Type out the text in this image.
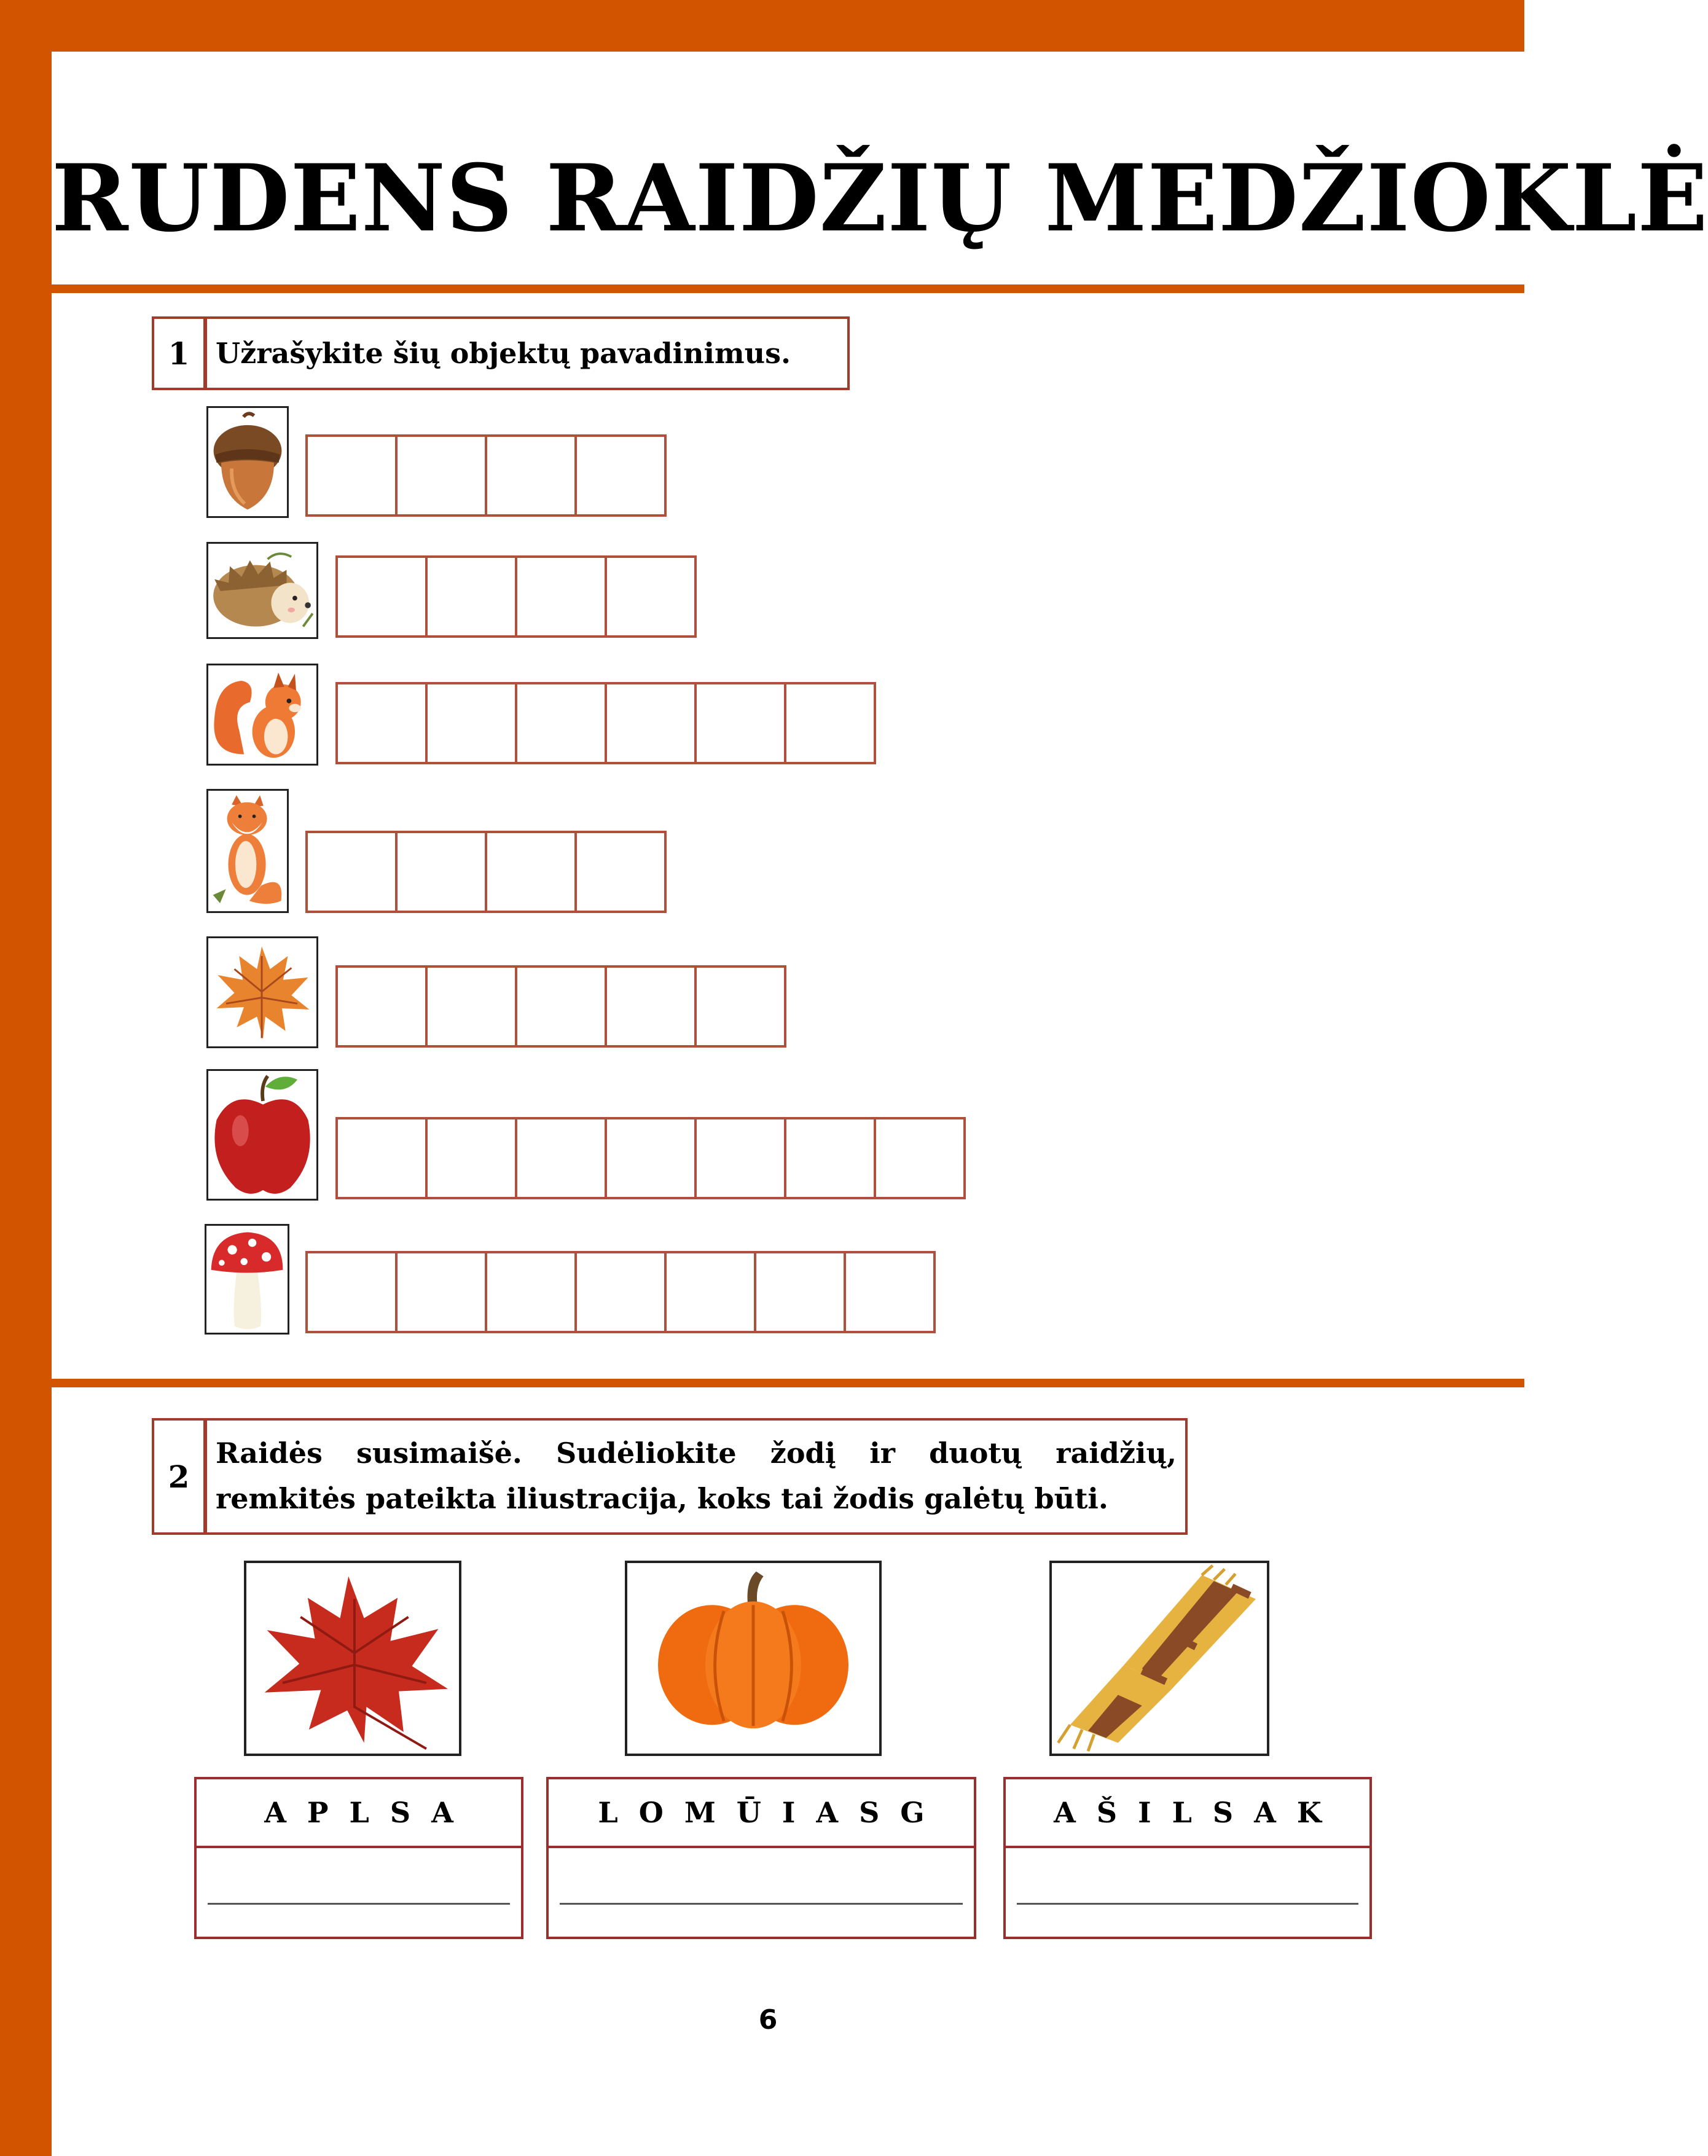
RUDENS RAIDŽIŲ MEDŽIOKLĖ
1 Užrašykite šių objektų pavadinimus.
2
Raidės susimaišė. Sudėliokite žodį ir duotų raidžių, remkitės pateikta iliustracija, koks tai žodis galėtų būti.
APLSA	LOMŪIASG	AŠILSAK
6
